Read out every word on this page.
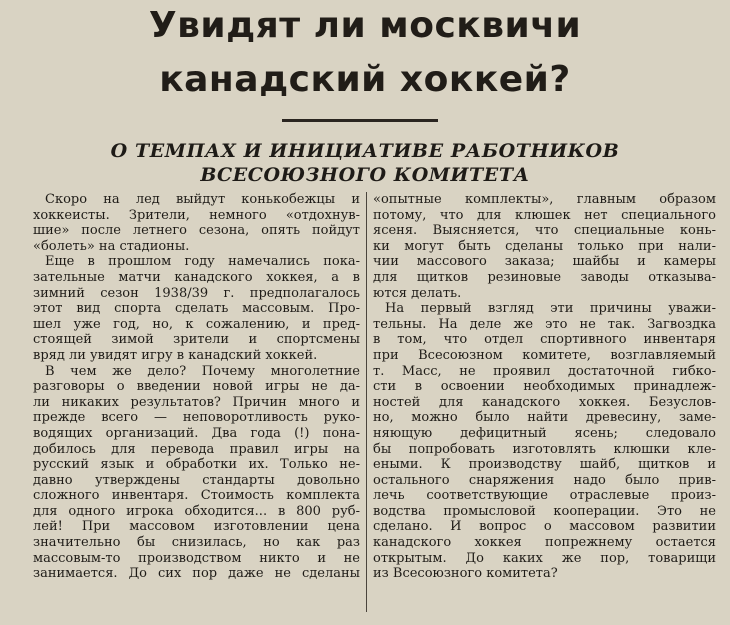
Увидят ли москвичи
канадский хоккей?
О ТЕМПАХ И ИНИЦИАТИВЕ РАБОТНИКОВ
ВСЕСОЮЗНОГО КОМИТЕТА
Скоро на лед выйдут конькобежцы и
хоккеисты. Зрители, немного «отдохнув-
шие» после летнего сезона, опять пойдут
«болеть» на стадионы.
Еще в прошлом году намечались пока-
зательные матчи канадского хоккея, а в
зимний сезон 1938/39 г. предполагалось
этот вид спорта сделать массовым. Про-
шел уже год, но, к сожалению, и пред-
стоящей зимой зрители и спортсмены
вряд ли увидят игру в канадский хоккей.
В чем же дело? Почему многолетние
разговоры о введении новой игры не да-
ли никаких результатов? Причин много и
прежде всего — неповоротливость руко-
водящих организаций. Два года (!) пона-
добилось для перевода правил игры на
русский язык и обработки их. Только не-
давно утверждены стандарты довольно
сложного инвентаря. Стоимость комплекта
для одного игрока обходится... в 800 руб-
лей! При массовом изготовлении цена
значительно бы снизилась, но как раз
массовым-то производством никто и не
занимается. До сих пор даже не сделаны
«опытные комплекты», главным образом
потому, что для клюшек нет специального
ясеня. Выясняется, что специальные конь-
ки могут быть сделаны только при нали-
чии массового заказа; шайбы и камеры
для щитков резиновые заводы отказыва-
ются делать.
На первый взгляд эти причины уважи-
тельны. На деле же это не так. Загвоздка
в том, что отдел спортивного инвентаря
при Всесоюзном комитете, возглавляемый
т. Масс, не проявил достаточной гибко-
сти в освоении необходимых принадлеж-
ностей для канадского хоккея. Безуслов-
но, можно было найти древесину, заме-
няющую дефицитный ясень; следовало
бы попробовать изготовлять клюшки кле-
еными. К производству шайб, щитков и
остального снаряжения надо было прив-
лечь соответствующие отраслевые произ-
водства промысловой кооперации. Это не
сделано. И вопрос о массовом развитии
канадского хоккея попрежнему остается
открытым. До каких же пор, товарищи
из Всесоюзного комитета?
